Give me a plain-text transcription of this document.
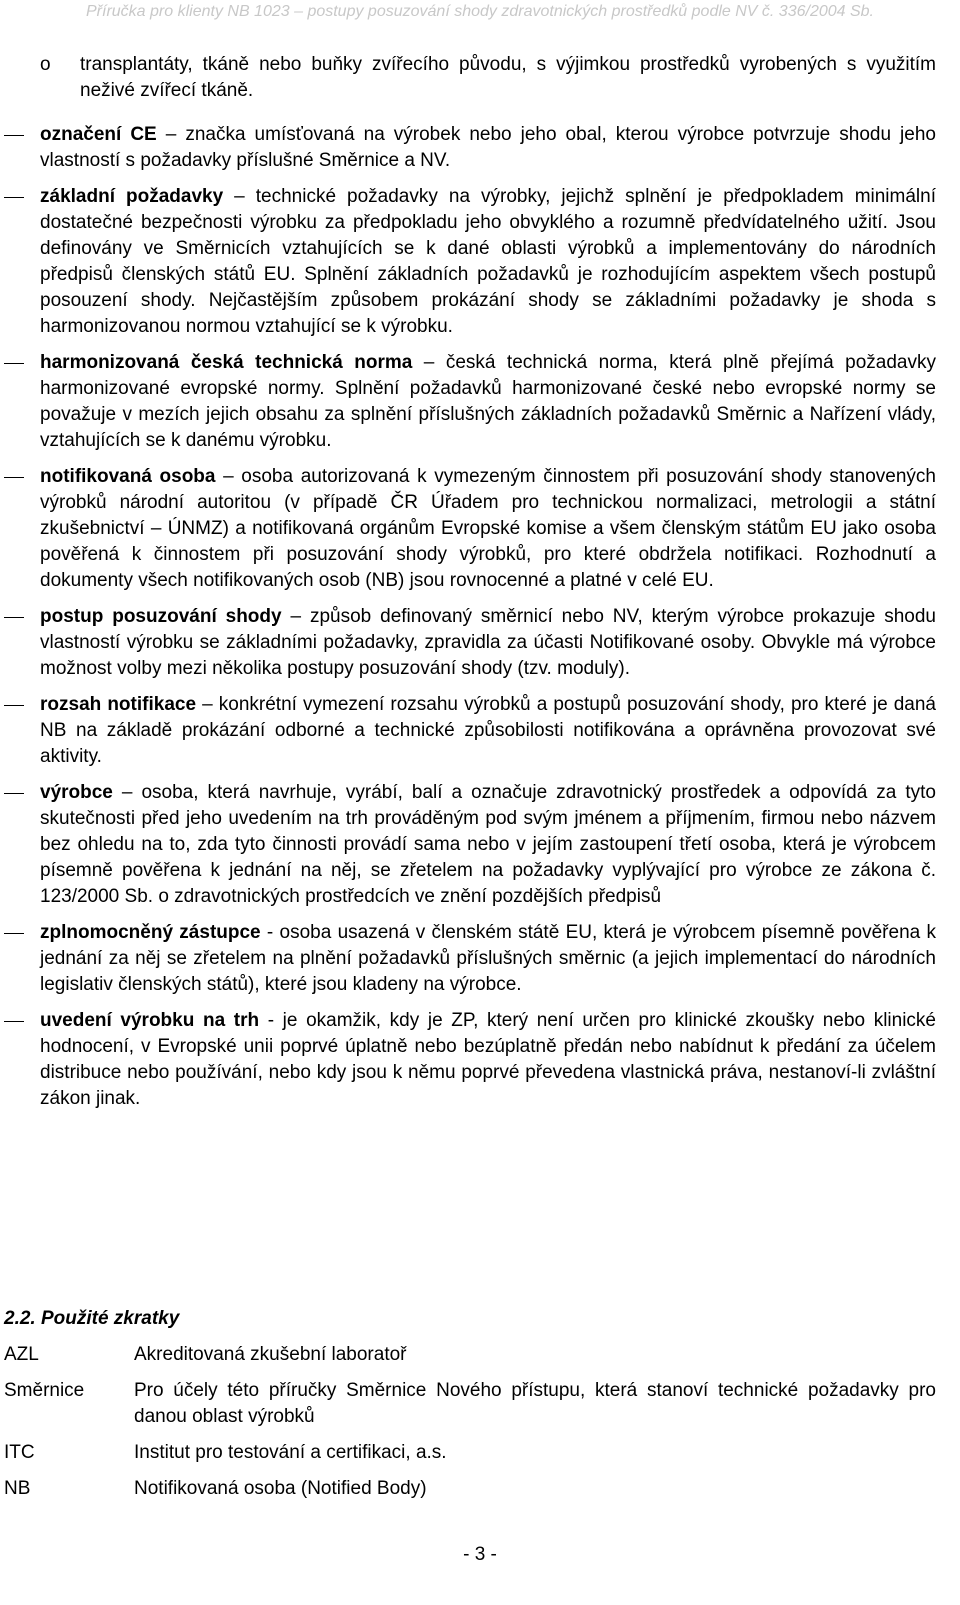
Příručka pro klienty NB 1023 – postupy posuzování shody zdravotnických prostředků podle NV č. 336/2004 Sb.
o	transplantáty, tkáně nebo buňky zvířecího původu, s výjimkou prostředků vyrobených s využitím neživé zvířecí tkáně.
označení CE – značka umísťovaná na výrobek nebo jeho obal, kterou výrobce potvrzuje shodu jeho vlastností s požadavky příslušné Směrnice a NV.
základní požadavky – technické požadavky na výrobky, jejichž splnění je předpokladem minimální dostatečné bezpečnosti výrobku za předpokladu jeho obvyklého a rozumně předvídatelného užití. Jsou definovány ve Směrnicích vztahujících se k dané oblasti výrobků a implementovány do národních předpisů členských států EU. Splnění základních požadavků je rozhodujícím aspektem všech postupů posouzení shody. Nejčastějším způsobem prokázání shody se základními požadavky je shoda s harmonizovanou normou vztahující se k výrobku.
harmonizovaná česká technická norma – česká technická norma, která plně přejímá požadavky harmonizované evropské normy. Splnění požadavků harmonizované české nebo evropské normy se považuje v mezích jejich obsahu za splnění příslušných základních požadavků Směrnic a Nařízení vlády, vztahujících se k danému výrobku.
notifikovaná osoba – osoba autorizovaná k vymezeným činnostem při posuzování shody stanovených výrobků národní autoritou (v případě ČR Úřadem pro technickou normalizaci, metrologii a státní zkušebnictví – ÚNMZ) a notifikovaná orgánům Evropské komise a všem členským státům EU jako osoba pověřená k činnostem při posuzování shody výrobků, pro které obdržela notifikaci. Rozhodnutí a dokumenty všech notifikovaných osob (NB) jsou rovnocenné a platné v celé EU.
postup posuzování shody – způsob definovaný směrnicí nebo NV, kterým výrobce prokazuje shodu vlastností výrobku se základními požadavky, zpravidla za účasti Notifikované osoby. Obvykle má výrobce možnost volby mezi několika postupy posuzování shody (tzv. moduly).
rozsah notifikace – konkrétní vymezení rozsahu výrobků a postupů posuzování shody, pro které je daná NB na základě prokázání odborné a technické způsobilosti notifikována a oprávněna provozovat své aktivity.
výrobce – osoba, která navrhuje, vyrábí, balí a označuje zdravotnický prostředek a odpovídá za tyto skutečnosti před jeho uvedením na trh prováděným pod svým jménem a příjmením, firmou nebo názvem bez ohledu na to, zda tyto činnosti provádí sama nebo v jejím zastoupení třetí osoba, která je výrobcem písemně pověřena k jednání na něj, se zřetelem na požadavky vyplývající pro výrobce ze zákona č. 123/2000 Sb. o zdravotnických prostředcích ve znění pozdějších předpisů
zplnomocněný zástupce - osoba usazená v členském státě EU, která je výrobcem písemně pověřena k jednání za něj se zřetelem na plnění požadavků příslušných směrnic (a jejich implementací do národních legislativ členských států), které jsou kladeny na výrobce.
uvedení výrobku na trh - je okamžik, kdy je ZP, který není určen pro klinické zkoušky nebo klinické hodnocení, v Evropské unii poprvé úplatně nebo bezúplatně předán nebo nabídnut k předání za účelem distribuce nebo používání, nebo kdy jsou k němu poprvé převedena vlastnická práva, nestanoví-li zvláštní zákon jinak.
2.2. Použité zkratky
AZL	Akreditovaná zkušební laboratoř
Směrnice	Pro účely této příručky Směrnice Nového přístupu, která stanoví technické požadavky pro danou oblast výrobků
ITC	Institut pro testování a certifikaci, a.s.
NB	Notifikovaná osoba (Notified Body)
- 3 -
